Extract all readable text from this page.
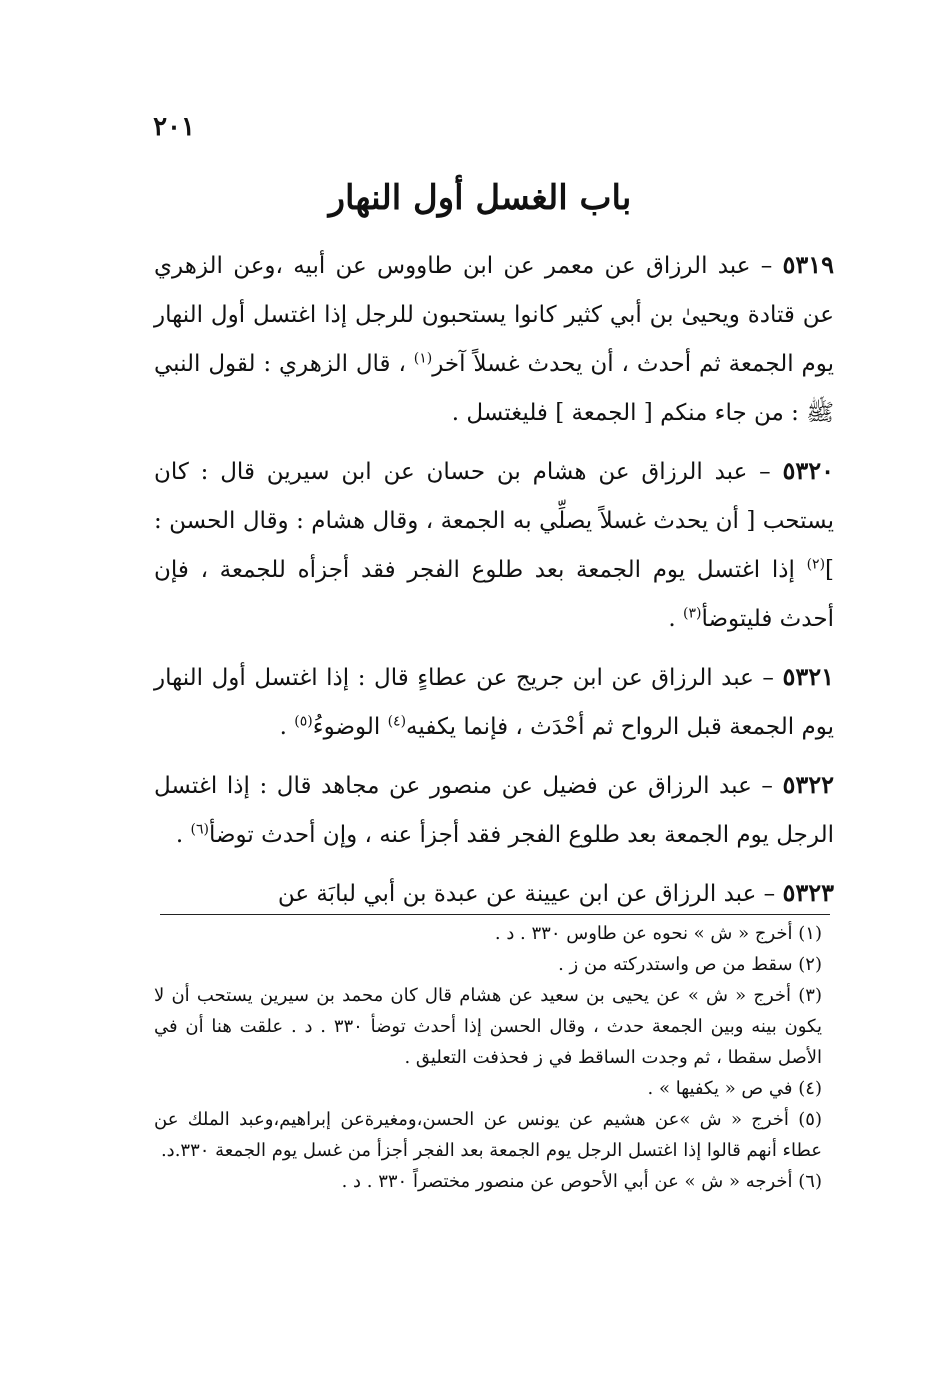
٢٠١
باب الغسل أول النهار

٥٣١٩ – عبد الرزاق عن معمر عن ابن طاووس عن أبيه ،وعن الزهري عن قتادة ويحيىٰ بن أبي كثير كانوا يستحبون للرجل إذا اغتسل أول النهار يوم الجمعة ثم أحدث ، أن يحدث غسلاً آخر$^{(١)}$ ، قال الزهري : لقول النبي ﷺ : من جاء منكم [ الجمعة ] فليغتسل .

٥٣٢٠ – عبد الرزاق عن هشام بن حسان عن ابن سيرين قال : كان يستحب [ أن يحدث غسلاً يصلِّي به الجمعة ، وقال هشام : وقال الحسن : ]$^{(٢)}$ إذا اغتسل يوم الجمعة بعد طلوع الفجر فقد أجزأه للجمعة ، فإن أحدث فليتوضأ$^{(٣)}$ .

٥٣٢١ – عبد الرزاق عن ابن جريج عن عطاءٍ قال : إذا اغتسل أول النهار يوم الجمعة قبل الرواح ثم أحْدَث ، فإنما يكفيه$^{(٤)}$ الوضوءُ$^{(٥)}$ .

٥٣٢٢ – عبد الرزاق عن فضيل عن منصور عن مجاهد قال : إذا اغتسل الرجل يوم الجمعة بعد طلوع الفجر فقد أجزأ عنه ، وإن أحدث توضأ$^{(٦)}$ .

٥٣٢٣ – عبد الرزاق عن ابن عيينة عن عبدة بن أبي لبابَة عن

(١) أخرج « ش » نحوه عن طاوس ٣٣٠ . د .

(٢) سقط من ص واستدركته من ز .

(٣) أخرج « ش » عن يحيى بن سعيد عن هشام قال كان محمد بن سيرين يستحب أن لا يكون بينه وبين الجمعة حدث ، وقال الحسن إذا أحدث توضأ ٣٣٠ . د . علقت هنا أن في الأصل سقطا ، ثم وجدت الساقط في ز فحذفت التعليق .

(٤) في ص « يكفيها » .

(٥) أخرج « ش »عن هشيم عن يونس عن الحسن،ومغيرةعن إبراهيم،وعبد الملك عن عطاء أنهم قالوا إذا اغتسل الرجل يوم الجمعة بعد الفجر أجزأ من غسل يوم الجمعة ٣٣٠.د.

(٦) أخرجه « ش » عن أبي الأحوص عن منصور مختصراً ٣٣٠ . د .
